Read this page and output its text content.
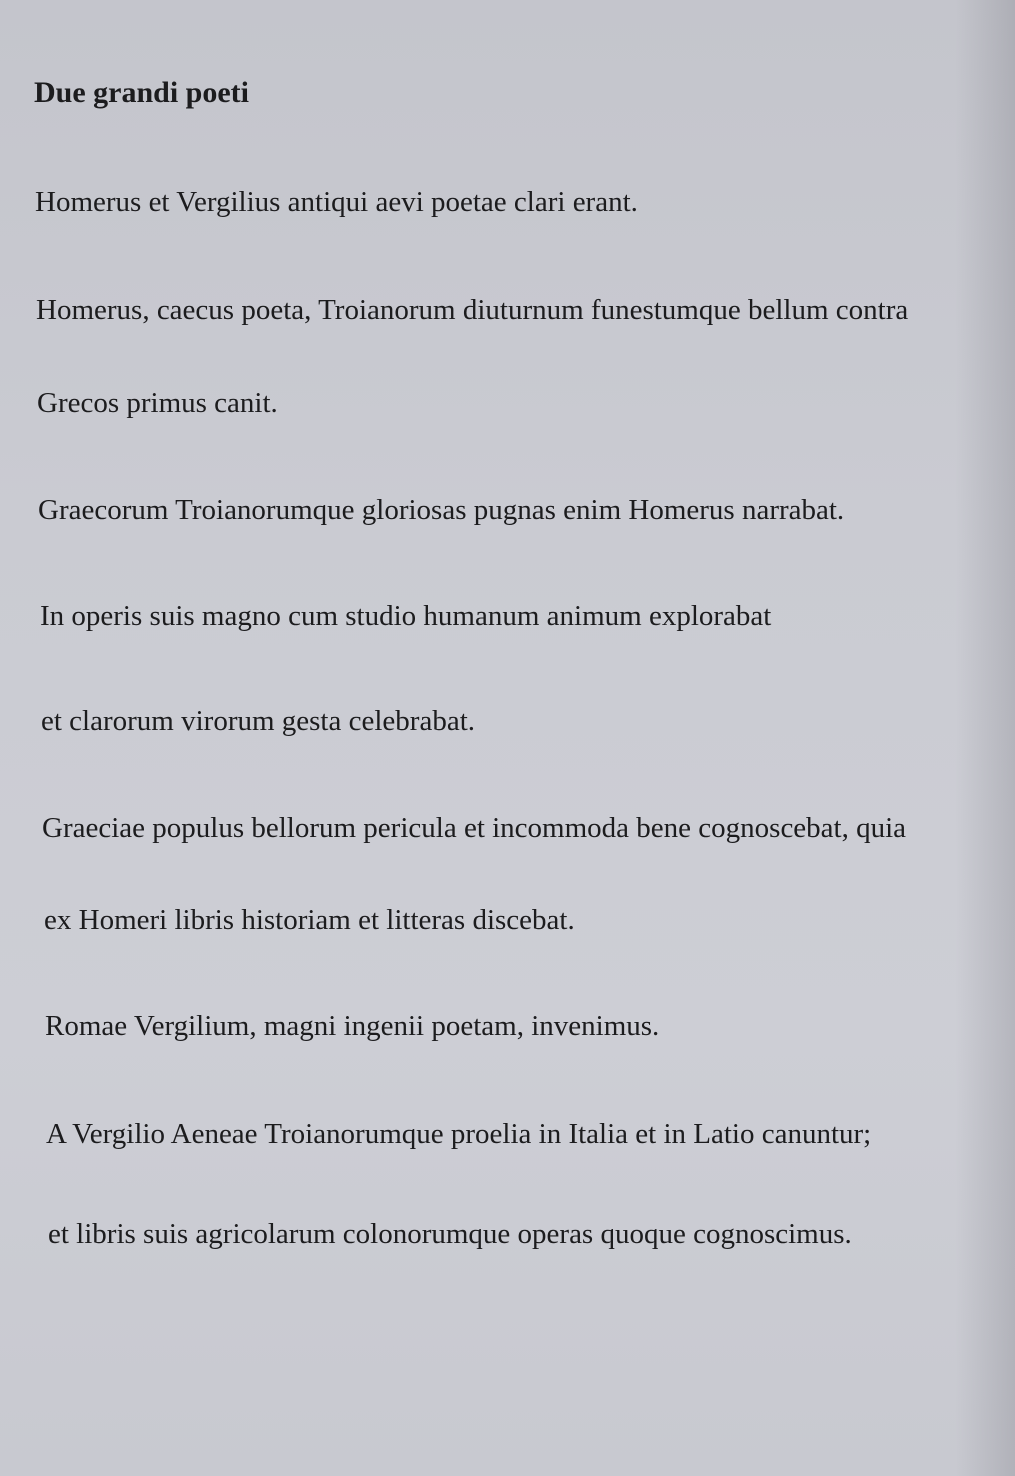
Due grandi poeti

Homerus et Vergilius antiqui aevi poetae clari erant.

Homerus, caecus poeta, Troianorum diuturnum funestumque bellum contra

Grecos primus canit.

Graecorum Troianorumque gloriosas pugnas enim Homerus narrabat.

In operis suis magno cum studio humanum animum explorabat

et clarorum virorum gesta celebrabat.

Graeciae populus bellorum pericula et incommoda bene cognoscebat, quia

ex Homeri libris historiam et litteras discebat.

Romae Vergilium, magni ingenii poetam, invenimus.

A Vergilio Aeneae Troianorumque proelia in Italia et in Latio canuntur;

et libris suis agricolarum colonorumque operas quoque cognoscimus.
